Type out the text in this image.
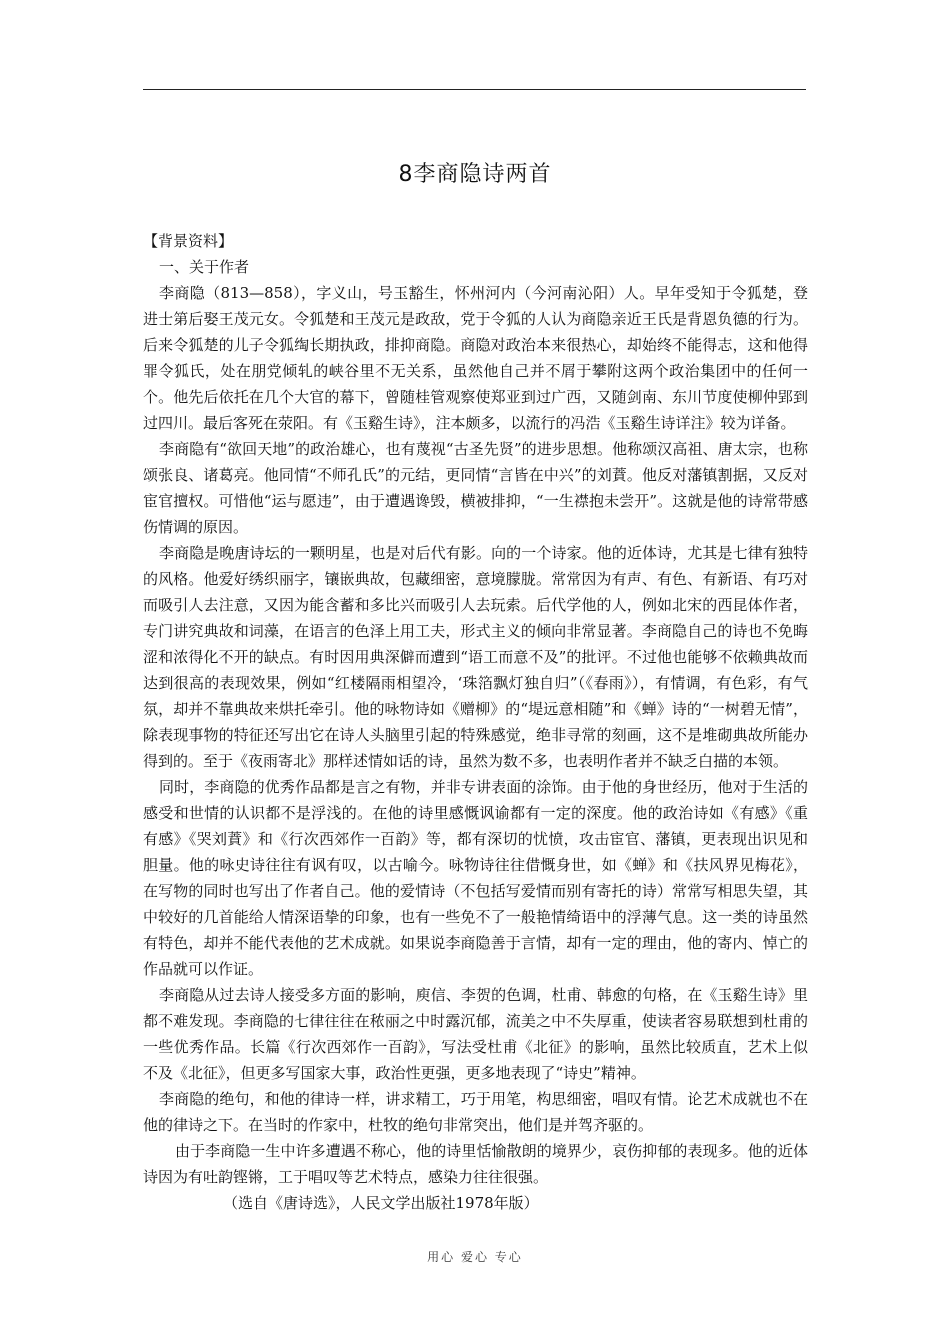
8李商隐诗两首

【背景资料】

一、关于作者

李商隐（813—858），字义山，号玉豁生，怀州河内（今河南沁阳）人。早年受知于令狐楚，登进士第后娶王茂元女。令狐楚和王茂元是政敌，党于令狐的人认为商隐亲近王氏是背恩负德的行为。后来令狐楚的儿子令狐绹长期执政，排抑商隐。商隐对政治本来很热心，却始终不能得志，这和他得罪令狐氏，处在朋党倾轧的峡谷里不无关系，虽然他自己并不屑于攀附这两个政治集团中的任何一个。他先后依托在几个大官的幕下，曾随桂管观察使郑亚到过广西，又随剑南、东川节度使柳仲郢到过四川。最后客死在荥阳。有《玉谿生诗》，注本颇多，以流行的冯浩《玉谿生诗详注》较为详备。

李商隐有“欲回天地”的政治雄心，也有蔑视“古圣先贤”的进步思想。他称颂汉高祖、唐太宗，也称颂张良、诸葛亮。他同情“不师孔氏”的元结，更同情“言皆在中兴”的刘蕡。他反对藩镇割据，又反对宦官擅权。可惜他“运与愿违”，由于遭遇谗毁，横被排抑，“一生襟抱未尝开”。这就是他的诗常带感伤情调的原因。

李商隐是晚唐诗坛的一颗明星，也是对后代有影。向的一个诗家。他的近体诗，尤其是七律有独特的风格。他爱好绣织丽字，镶嵌典故，包藏细密，意境朦胧。常常因为有声、有色、有新语、有巧对而吸引人去注意，又因为能含蓄和多比兴而吸引人去玩索。后代学他的人，例如北宋的西昆体作者，专门讲究典故和词藻，在语言的色泽上用工夫，形式主义的倾向非常显著。李商隐自己的诗也不免晦涩和浓得化不开的缺点。有时因用典深僻而遭到“语工而意不及”的批评。不过他也能够不依赖典故而达到很高的表现效果，例如“红楼隔雨相望冷，‘珠箔飘灯独自归”（《春雨》），有情调，有色彩，有气氛，却并不靠典故来烘托牵引。他的咏物诗如《赠柳》的“堤远意相随”和《蝉》诗的“一树碧无情”，除表现事物的特征还写出它在诗人头脑里引起的特殊感觉，绝非寻常的刻画，这不是堆砌典故所能办得到的。至于《夜雨寄北》那样述情如话的诗，虽然为数不多，也表明作者并不缺乏白描的本领。

同时，李商隐的优秀作品都是言之有物，并非专讲表面的涂饰。由于他的身世经历，他对于生活的感受和世情的认识都不是浮浅的。在他的诗里感慨讽谕都有一定的深度。他的政治诗如《有感》《重有感》《哭刘蕡》和《行次西郊作一百韵》等，都有深切的忧愤，攻击宦官、藩镇，更表现出识见和胆量。他的咏史诗往往有讽有叹，以古喻今。咏物诗往往借慨身世，如《蝉》和《扶风界见梅花》，在写物的同时也写出了作者自己。他的爱情诗（不包括写爱情而别有寄托的诗）常常写相思失望，其中较好的几首能给人情深语挚的印象，也有一些免不了一般艳情绮语中的浮薄气息。这一类的诗虽然有特色，却并不能代表他的艺术成就。如果说李商隐善于言情，却有一定的理由，他的寄内、悼亡的作品就可以作证。

李商隐从过去诗人接受多方面的影响，庾信、李贺的色调，杜甫、韩愈的句格，在《玉谿生诗》里都不难发现。李商隐的七律往往在秾丽之中时露沉郁，流美之中不失厚重，使读者容易联想到杜甫的一些优秀作品。长篇《行次西郊作一百韵》，写法受杜甫《北征》的影响，虽然比较质直，艺术上似不及《北征》，但更多写国家大事，政治性更强，更多地表现了“诗史”精神。

李商隐的绝句，和他的律诗一样，讲求精工，巧于用笔，构思细密，唱叹有情。论艺术成就也不在他的律诗之下。在当时的作家中，杜牧的绝句非常突出，他们是并驾齐驱的。

由于李商隐一生中许多遭遇不称心，他的诗里恬愉散朗的境界少，哀伤抑郁的表现多。他的近体诗因为有吐韵铿锵，工于唱叹等艺术特点，感染力往往很强。

（选自《唐诗选》，人民文学出版社1978年版）

用心 爱心 专心
